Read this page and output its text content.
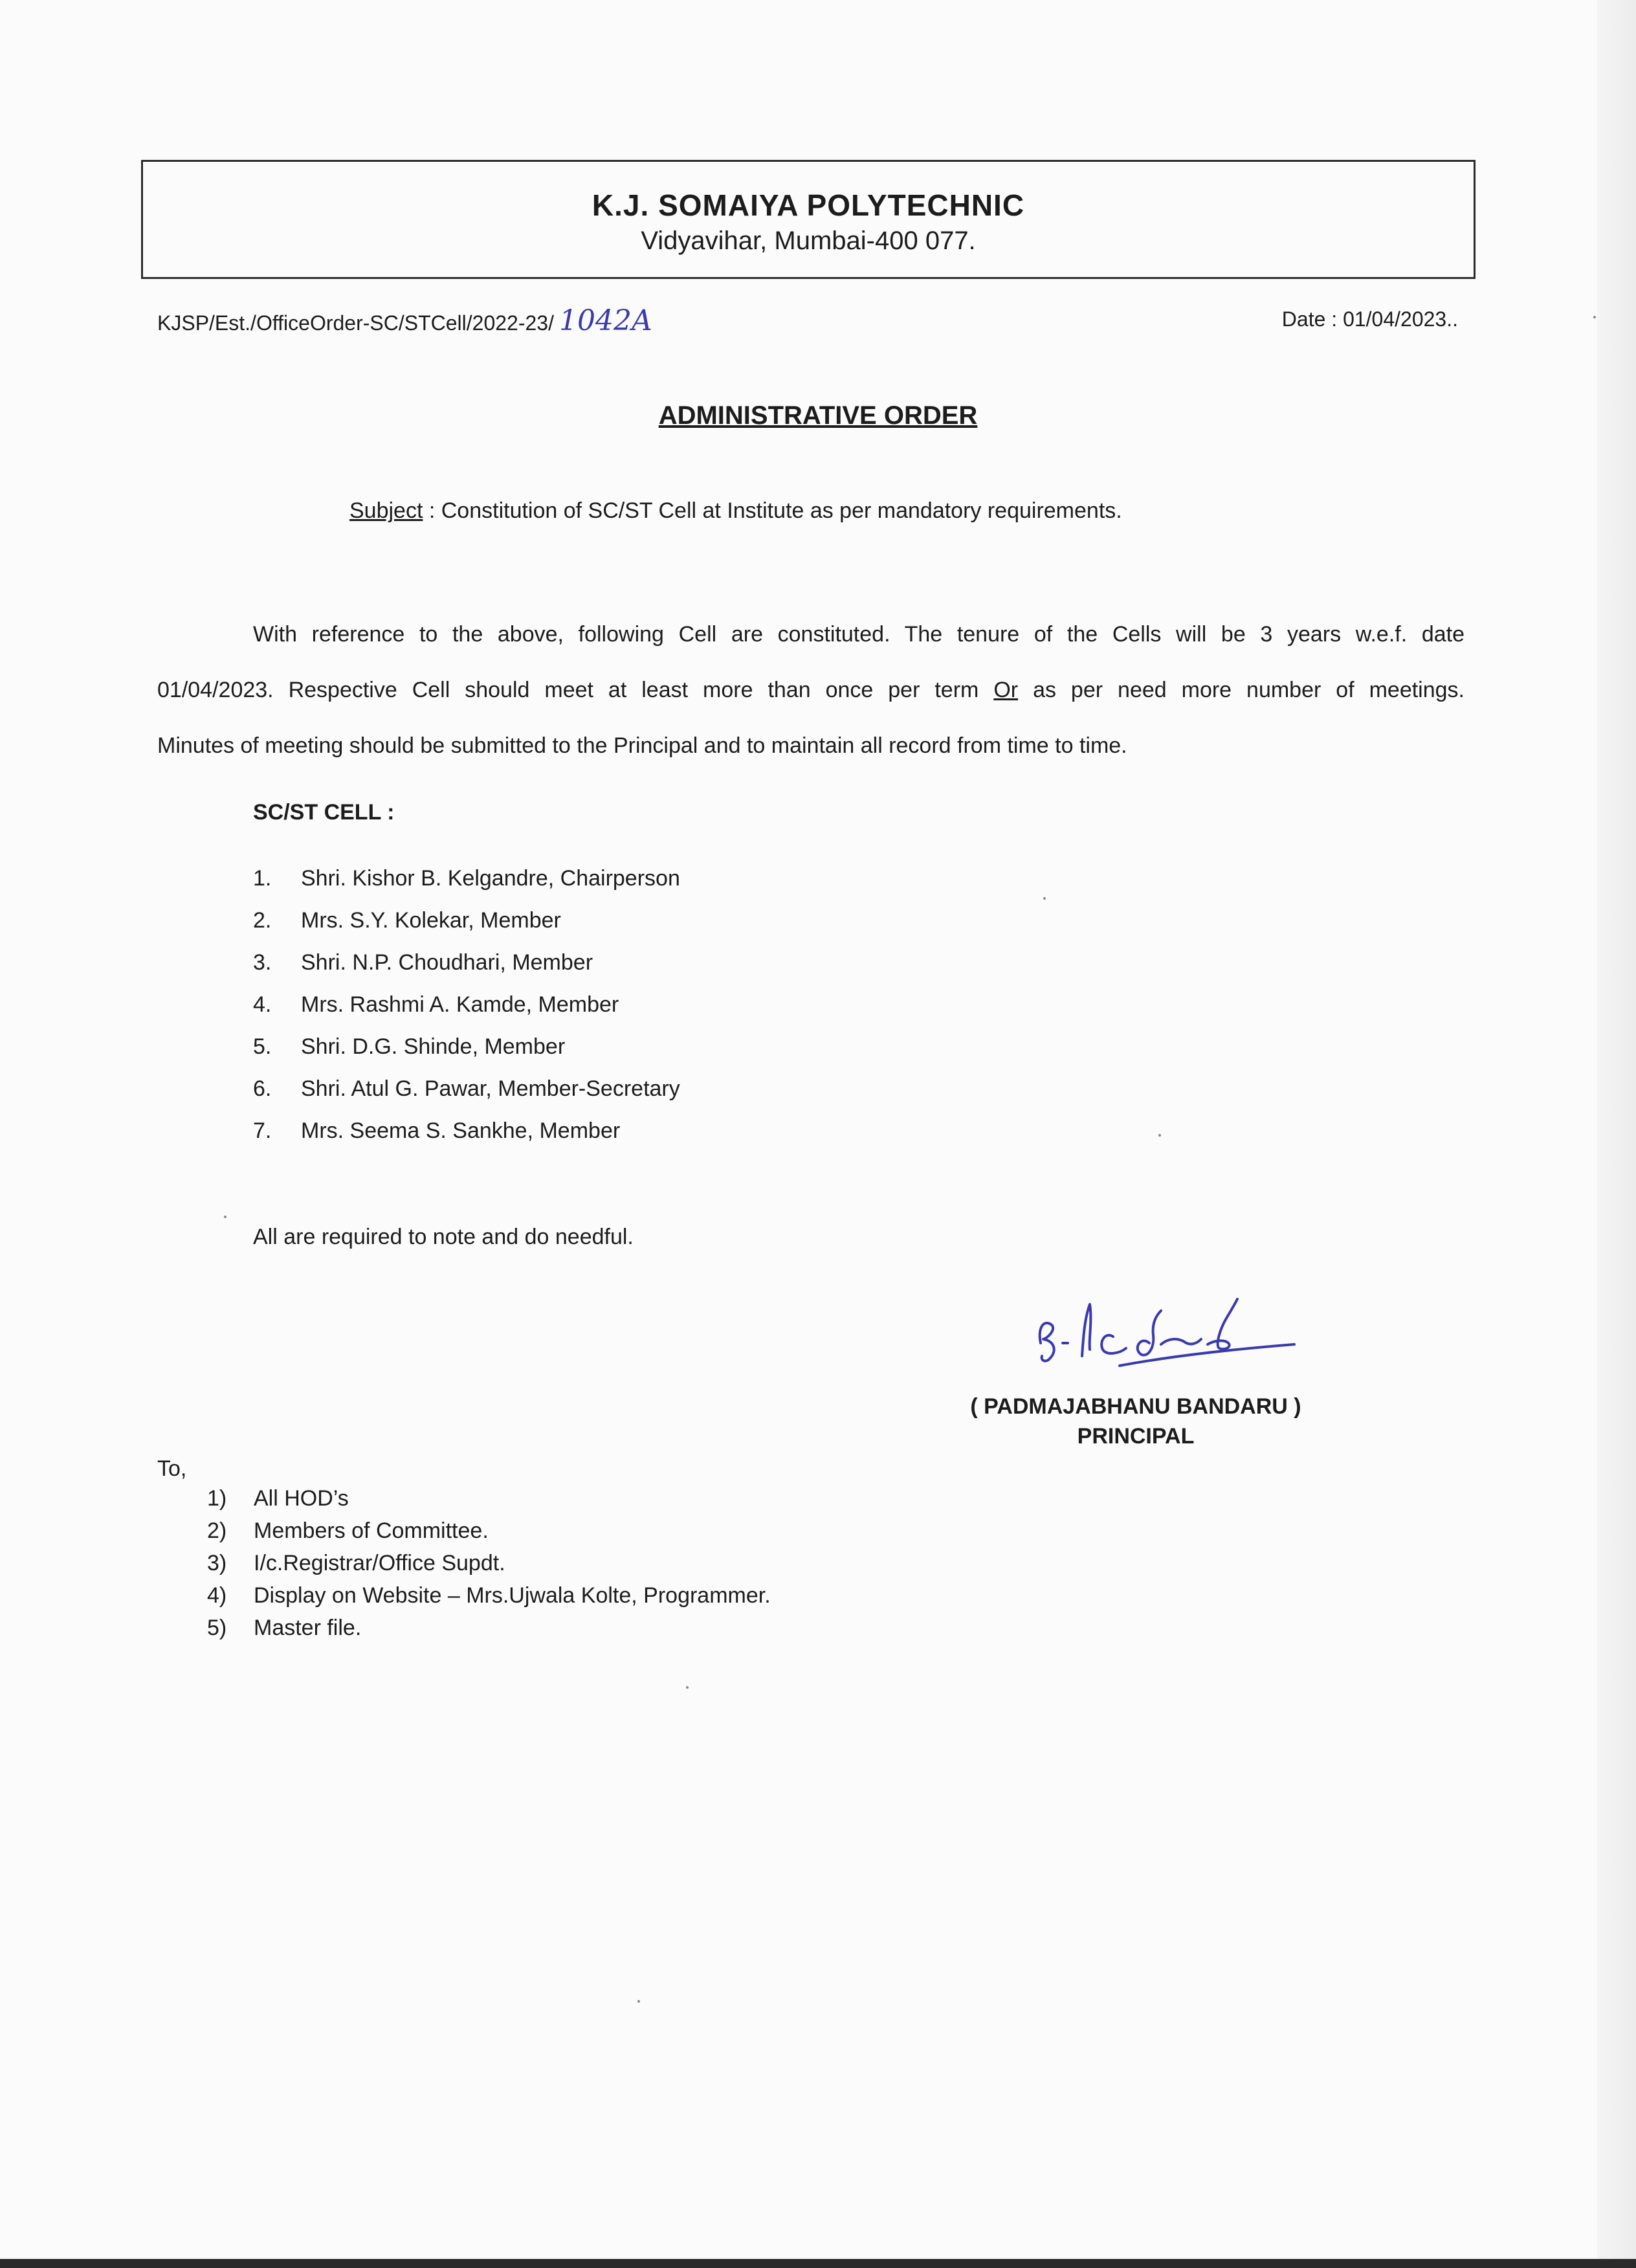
K.J. SOMAIYA POLYTECHNIC
Vidyavihar, Mumbai-400 077.
KJSP/Est./OfficeOrder-SC/STCell/2022-23/ 1042A	Date : 01/04/2023..
ADMINISTRATIVE ORDER
Subject : Constitution of SC/ST Cell at Institute as per mandatory requirements.
With reference to the above, following Cell are constituted. The tenure of the Cells will be 3 years w.e.f. date
01/04/2023. Respective Cell should meet at least more than once per term Or as per need more number of meetings.
Minutes of meeting should be submitted to the Principal and to maintain all record from time to time.
SC/ST CELL :
1.	Shri. Kishor B. Kelgandre, Chairperson
2.	Mrs. S.Y. Kolekar, Member
3.	Shri. N.P. Choudhari, Member
4.	Mrs. Rashmi A. Kamde, Member
5.	Shri. D.G. Shinde, Member
6.	Shri. Atul G. Pawar, Member-Secretary
7.	Mrs. Seema S. Sankhe, Member
All are required to note and do needful.
( PADMAJABHANU BANDARU )
PRINCIPAL
To,
1)	All HOD’s
2)	Members of Committee.
3)	I/c.Registrar/Office Supdt.
4)	Display on Website – Mrs.Ujwala Kolte, Programmer.
5)	Master file.
